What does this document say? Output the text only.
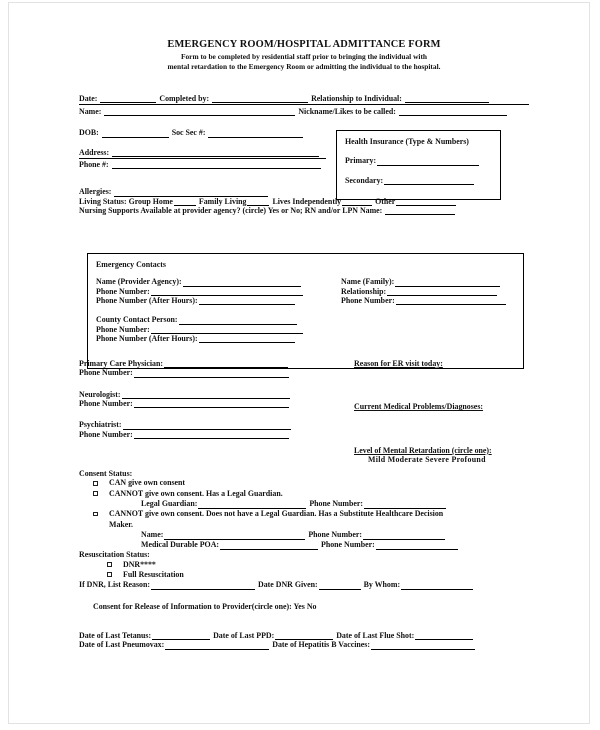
EMERGENCY ROOM/HOSPITAL ADMITTANCE FORM
Form to be completed by residential staff prior to bringing the individual with
mental retardation to the Emergency Room or admitting the individual to the hospital.
Date:	Completed by:	Relationship to Individual:
Name:	Nickname/Likes to be called:
DOB:	Soc Sec #:
Address:
Phone #:
Allergies:
Living Status: Group Home	Family Living	Lives Independently	Other
Nursing Supports Available at provider agency? (circle) Yes or No; RN and/or LPN Name:
Emergency Contacts
Name (Provider Agency):
Phone Number:
Phone Number (After Hours):
County Contact Person:
Phone Number:
Phone Number (After Hours):
Name (Family):
Relationship:
Phone Number:
Primary Care Physician:
Phone Number:
Neurologist:
Phone Number:
Psychiatrist:
Phone Number:
Reason for ER visit today:
Current Medical Problems/Diagnoses:
Level of Mental Retardation (circle one):
Mild Moderate Severe Profound
Consent Status:
CAN give own consent
CANNOT give own consent. Has a Legal Guardian.
Legal Guardian:	Phone Number:
CANNOT give own consent. Does not have a Legal Guardian. Has a Substitute Healthcare Decision
Maker.
Name:	Phone Number:
Medical Durable POA:	Phone Number:
Resuscitation Status:
DNR****
Full Resuscitation
If DNR, List Reason:	Date DNR Given:	By Whom:
Consent for Release of Information to Provider(circle one): Yes No
Date of Last Tetanus:	Date of Last PPD:	Date of Last Flue Shot:
Date of Last Pneumovax:	Date of Hepatitis B Vaccines:
Health Insurance (Type & Numbers)
Primary:
Secondary:
